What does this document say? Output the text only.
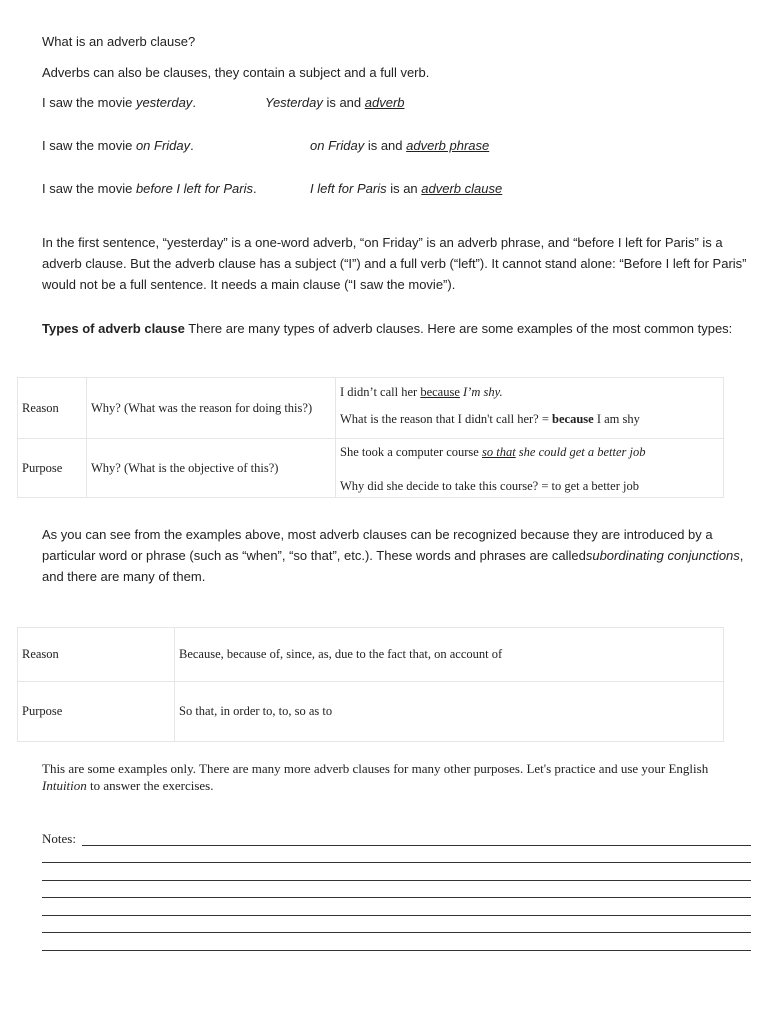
What is an adverb clause?
Adverbs can also be clauses, they contain a subject and a full verb.
I saw the movie yesterday.	Yesterday is and adverb
I saw the movie on Friday.	on Friday is and adverb phrase
I saw the movie before I left for Paris.	I left for Paris is an adverb clause
In the first sentence, “yesterday” is a one-word adverb, “on Friday” is an adverb phrase, and “before I left for Paris” is a adverb clause. But the adverb clause has a subject (“I”) and a full verb (“left”). It cannot stand alone: “Before I left for Paris” would not be a full sentence. It needs a main clause (“I saw the movie”).
Types of adverb clause There are many types of adverb clauses. Here are some examples of the most common types:
Reason	Why? (What was the reason for doing this?)	I didn’t call her because I’m shy.
What is the reason that I didn't call her? = because I am shy

Purpose	Why? (What is the objective of this?)	She took a computer course so that she could get a better job
Why did she decide to take this course? = to get a better job
As you can see from the examples above, most adverb clauses can be recognized because they are introduced by a particular word or phrase (such as “when”, “so that”, etc.). These words and phrases are calledsubordinating conjunctions, and there are many of them.
Reason	Because, because of, since, as, due to the fact that, on account of
Purpose	So that, in order to, to, so as to
This are some examples only. There are many more adverb clauses for many other purposes. Let's practice and use your English Intuition to answer the exercises.
Notes:
